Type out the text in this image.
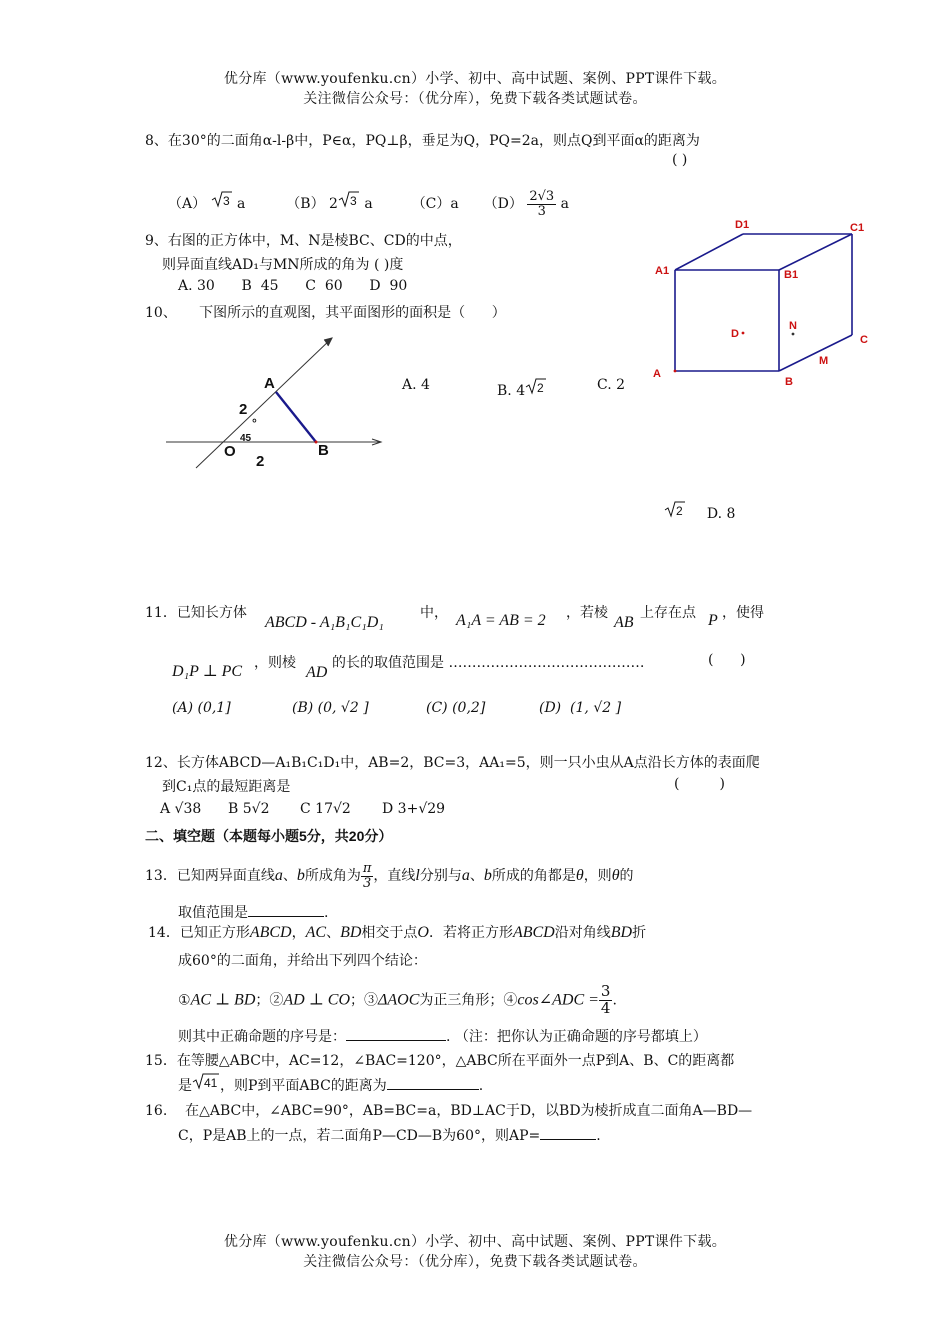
优分库（www.youfenku.cn）小学、初中、高中试题、案例、PPT课件下载。
关注微信公众号：（优分库），免费下载各类试题试卷。
8、在30°的二面角α-l-β中，P∈α，PQ⊥β，垂足为Q，PQ=2a，则点Q到平面α的距离为
( )
（A） 3 a	（B） 2 3 a	（C）a $(D) \frac{2√3}{3}$ a
9、右图的正方体中，M、N是棱BC、CD的中点，
则异面直线AD₁与MN所成的角为 ( )度
A. 30      B  45      C  60      D  90
D1	C1
A1	B1
D
N
C
A
B
M
10、     下图所示的直观图，其平面图形的面积是（      ）
A
2
°
45
O
2
B
A. 4	B. 4 2	C. 2
2 D. 8
11．已知长方体
ABCD - A₁B₁C₁D₁
中， A₁A = AB = 2 ，若棱
AB
上存在点 P ，使得
D₁P ⊥ PC ，则棱
AD
的长的取值范围是 ……………………………………	(      )
(A) (0,1]	(B) (0, √2 ]	(C) (0,2]	(D)  (1, √2 ]
12、长方体ABCD—A₁B₁C₁D₁中，AB=2，BC=3，AA₁=5，则一只小虫从A点沿长方体的表面爬
到C₁点的最短距离是	(         )
A √38 B 5√2 C 17√2 D 3+√29
二、填空题（本题每小题5分，共20分）
13．已知两异面直线a、b所成角为 $\frac{\pi}{3}$ ，直线l分别与a、b所成的角都是θ，则θ的
取值范围是	.
14．已知正方形ABCD，AC、BD相交于点O．若将正方形ABCD沿对角线BD折
成60°的二面角，并给出下列四个结论：
①AC ⊥ BD；②AD ⊥ CO；③ΔAOC为正三角形；④cos∠ADC = $\frac{3}{4}$ .
则其中正确命题的序号是：	. （注：把你认为正确命题的序号都填上）
15．在等腰△ABC中，AC=12，∠BAC=120°，△ABC所在平面外一点P到A、B、C的距离都
是 41 ，则P到平面ABC的距离为	.
16.    在△ABC中，∠ABC=90°，AB=BC=a，BD⊥AC于D，以BD为棱折成直二面角A—BD—
C，P是AB上的一点，若二面角P—CD—B为60°，则AP=	.
优分库（www.youfenku.cn）小学、初中、高中试题、案例、PPT课件下载。
关注微信公众号：（优分库），免费下载各类试题试卷。
